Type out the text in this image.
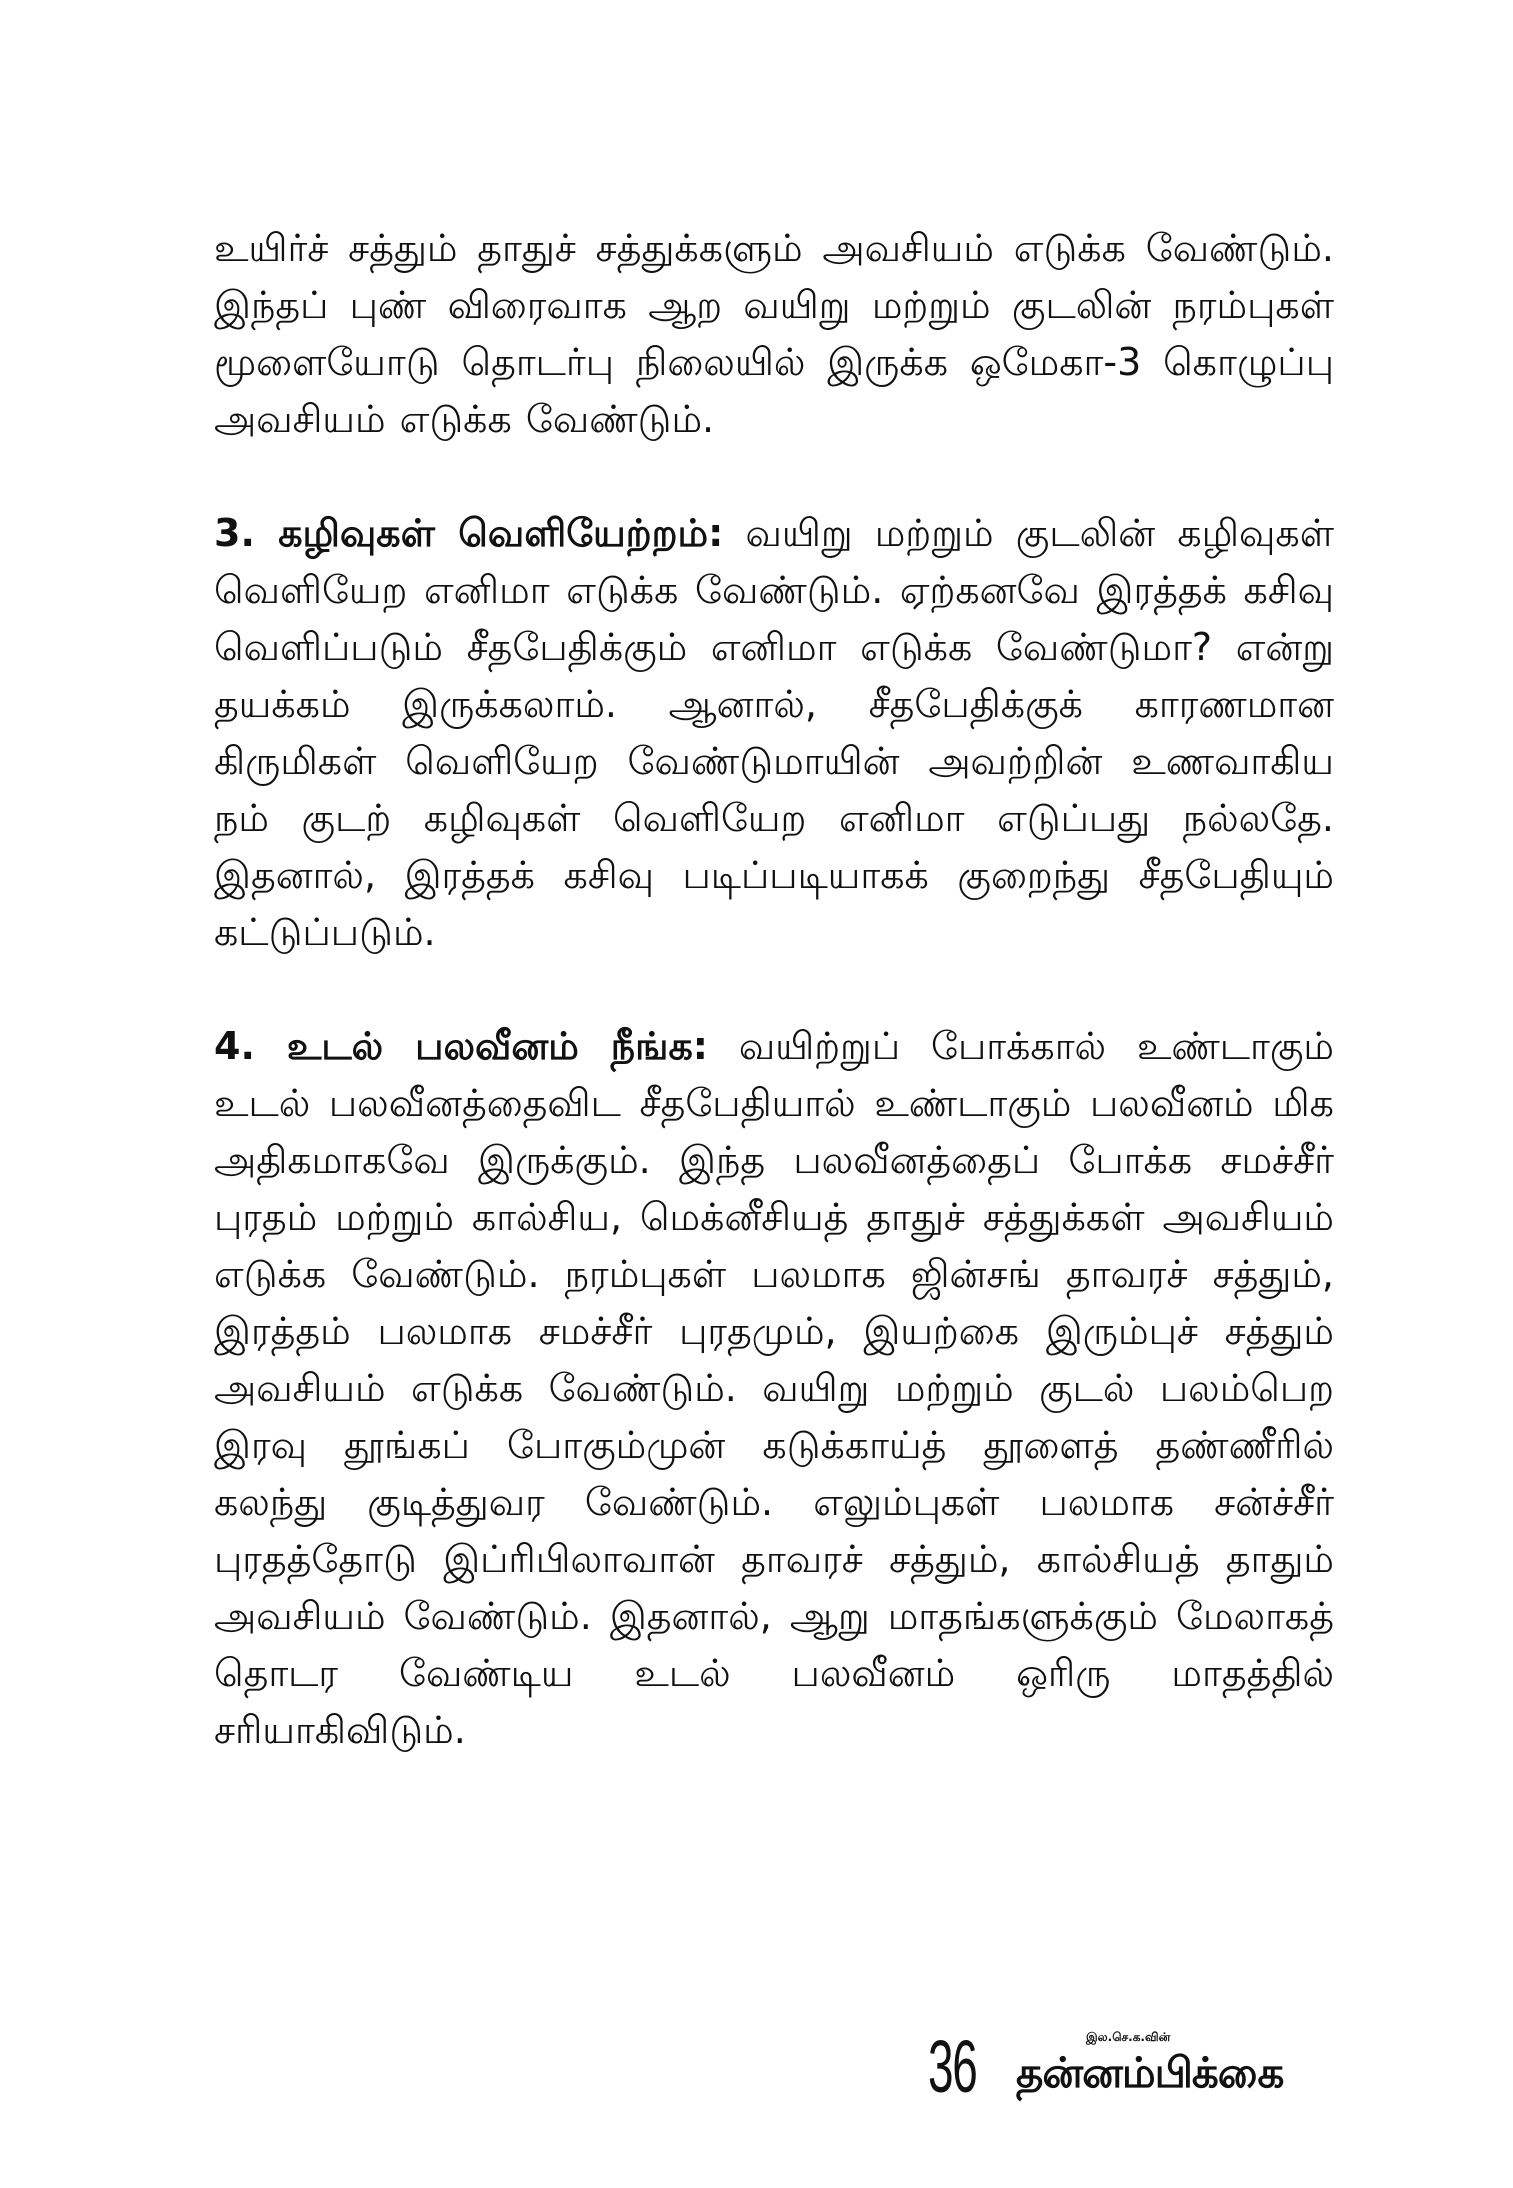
உயிர்ச் சத்தும் தாதுச் சத்துக்களும் அவசியம் எடுக்க வேண்டும். இந்தப் புண் விரைவாக ஆற வயிறு மற்றும் குடலின் நரம்புகள் மூளையோடு தொடர்பு நிலையில் இருக்க ஒமேகா-3 கொழுப்பு அவசியம் எடுக்க வேண்டும்.

3. கழிவுகள் வெளியேற்றம்: வயிறு மற்றும் குடலின் கழிவுகள் வெளியேற எனிமா எடுக்க வேண்டும். ஏற்கனவே இரத்தக் கசிவு வெளிப்படும் சீதபேதிக்கும் எனிமா எடுக்க வேண்டுமா? என்று தயக்கம் இருக்கலாம். ஆனால், சீதபேதிக்குக் காரணமான கிருமிகள் வெளியேற வேண்டுமாயின் அவற்றின் உணவாகிய நம் குடற் கழிவுகள் வெளியேற எனிமா எடுப்பது நல்லதே. இதனால், இரத்தக் கசிவு படிப்படியாகக் குறைந்து சீதபேதியும் கட்டுப்படும்.

4. உடல் பலவீனம் நீங்க: வயிற்றுப் போக்கால் உண்டாகும் உடல் பலவீனத்தைவிட சீதபேதியால் உண்டாகும் பலவீனம் மிக அதிகமாகவே இருக்கும். இந்த பலவீனத்தைப் போக்க சமச்சீர் புரதம் மற்றும் கால்சிய, மெக்னீசியத் தாதுச் சத்துக்கள் அவசியம் எடுக்க வேண்டும். நரம்புகள் பலமாக ஜின்சங் தாவரச் சத்தும், இரத்தம் பலமாக சமச்சீர் புரதமும், இயற்கை இரும்புச் சத்தும் அவசியம் எடுக்க வேண்டும். வயிறு மற்றும் குடல் பலம்பெற இரவு தூங்கப் போகும்முன் கடுக்காய்த் தூளைத் தண்ணீரில் கலந்து குடித்துவர வேண்டும். எலும்புகள் பலமாக சன்ச்சீர் புரதத்தோடு இப்ரிபிலாவான் தாவரச் சத்தும், கால்சியத் தாதும் அவசியம் வேண்டும். இதனால், ஆறு மாதங்களுக்கும் மேலாகத் தொடர வேண்டிய உடல் பலவீனம் ஒரிரு மாதத்தில் சரியாகிவிடும்.

36	இல.செ.க.வின்
தன்னம்பிக்கை
